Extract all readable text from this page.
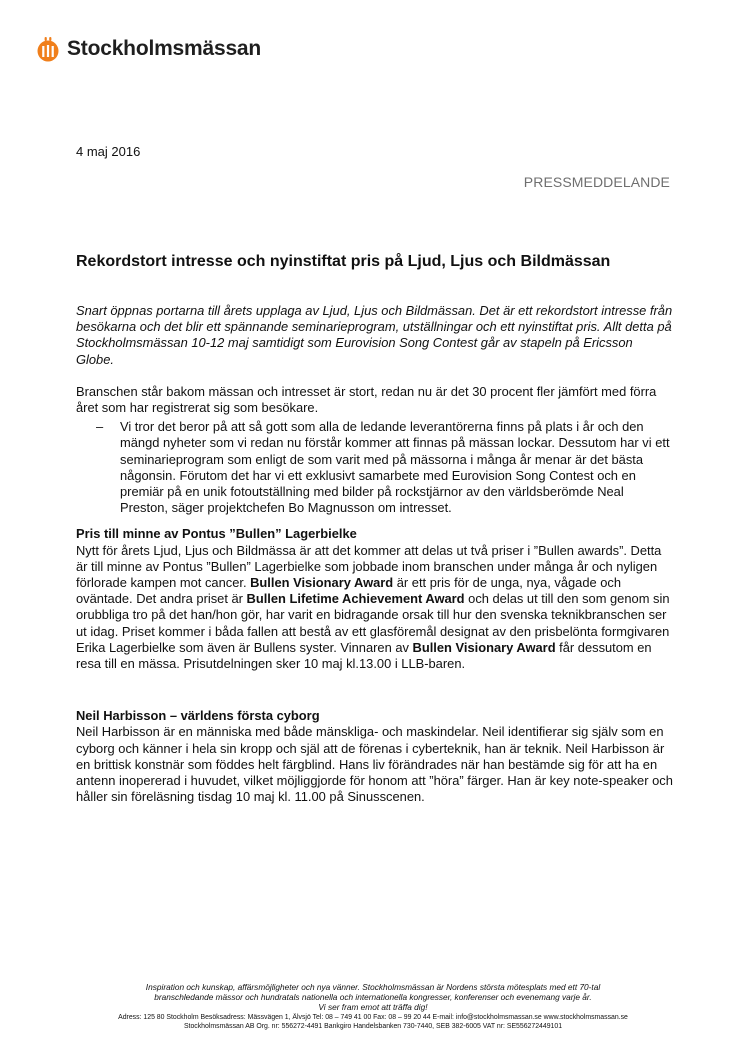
Stockholmsmässan
4 maj 2016
PRESSMEDDELANDE
Rekordstort intresse och nyinstiftat pris på Ljud, Ljus och Bildmässan

Snart öppnas portarna till årets upplaga av Ljud, Ljus och Bildmässan. Det är ett rekordstort intresse från besökarna och det blir ett spännande seminarieprogram, utställningar och ett nyinstiftat pris. Allt detta på Stockholmsmässan 10-12 maj samtidigt som Eurovision Song Contest går av stapeln på Ericsson Globe.

Branschen står bakom mässan och intresset är stort, redan nu är det 30 procent fler jämfört med förra året som har registrerat sig som besökare.

–	Vi tror det beror på att så gott som alla de ledande leverantörerna finns på plats i år och den mängd nyheter som vi redan nu förstår kommer att finnas på mässan lockar. Dessutom har vi ett seminarieprogram som enligt de som varit med på mässorna i många år menar är det bästa någonsin. Förutom det har vi ett exklusivt samarbete med Eurovision Song Contest och en premiär på en unik fotoutställning med bilder på rockstjärnor av den världsberömde Neal Preston, säger projektchefen Bo Magnusson om intresset.

Pris till minne av Pontus ”Bullen” Lagerbielke

Nytt för årets Ljud, Ljus och Bildmässa är att det kommer att delas ut två priser i ”Bullen awards”. Detta är till minne av Pontus ”Bullen” Lagerbielke som jobbade inom branschen under många år och nyligen förlorade kampen mot cancer. Bullen Visionary Award är ett pris för de unga, nya, vågade och oväntade. Det andra priset är Bullen Lifetime Achievement Award och delas ut till den som genom sin orubbliga tro på det han/hon gör, har varit en bidragande orsak till hur den svenska teknikbranschen ser ut idag. Priset kommer i båda fallen att bestå av ett glasföremål designat av den prisbelönta formgivaren Erika Lagerbielke som även är Bullens syster. Vinnaren av Bullen Visionary Award får dessutom en resa till en mässa. Prisutdelningen sker 10 maj kl.13.00 i LLB-baren.

Neil Harbisson – världens första cyborg

Neil Harbisson är en människa med både mänskliga- och maskindelar. Neil identifierar sig själv som en cyborg och känner i hela sin kropp och själ att de förenas i cyberteknik, han är teknik. Neil Harbisson är en brittisk konstnär som föddes helt färgblind. Hans liv förändrades när han bestämde sig för att ha en antenn inopererad i huvudet, vilket möjliggjorde för honom att ”höra” färger. Han är key note-speaker och håller sin föreläsning tisdag 10 maj kl. 11.00 på Sinusscenen.

Inspiration och kunskap, affärsmöjligheter och nya vänner. Stockholmsmässan är Nordens största mötesplats med ett 70-tal
branschledande mässor och hundratals nationella och internationella kongresser, konferenser och evenemang varje år.
Vi ser fram emot att träffa dig!
Adress: 125 80 Stockholm Besöksadress: Mässvägen 1, Älvsjö Tel: 08 – 749 41 00 Fax: 08 – 99 20 44 E-mail: info@stockholmsmassan.se www.stockholmsmassan.se
Stockholmsmässan AB Org. nr: 556272-4491 Bankgiro Handelsbanken 730-7440, SEB 382-6005 VAT nr: SE556272449101
